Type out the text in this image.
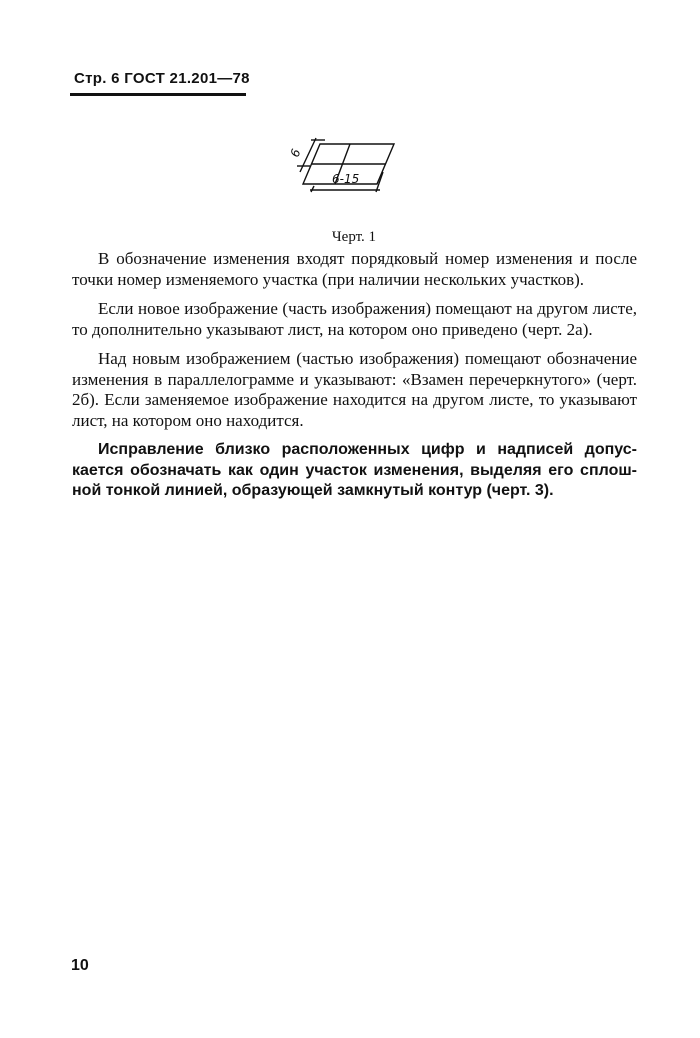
Стр. 6 ГОСТ 21.201—78
6
6-15
Черт. 1

В обозначение изменения входят порядковый номер изменения и после точки номер изменяемого участка (при наличии нескольких участков).

Если новое изображение (часть изображения) помещают на другом листе, то дополнительно указывают лист, на котором оно приведено (черт. 2а).

Над новым изображением (частью изображения) помещают обозначение изменения в параллелограмме и указывают: «Взамен перечеркнутого» (черт. 2б). Если заменяемое изображение находится на другом листе, то указывают лист, на котором оно находится.

Исправление близко расположенных цифр и надписей допускается обозначать как один участок изменения, выделяя его сплошной тонкой линией, образующей замкнутый контур (черт. 3).

10
